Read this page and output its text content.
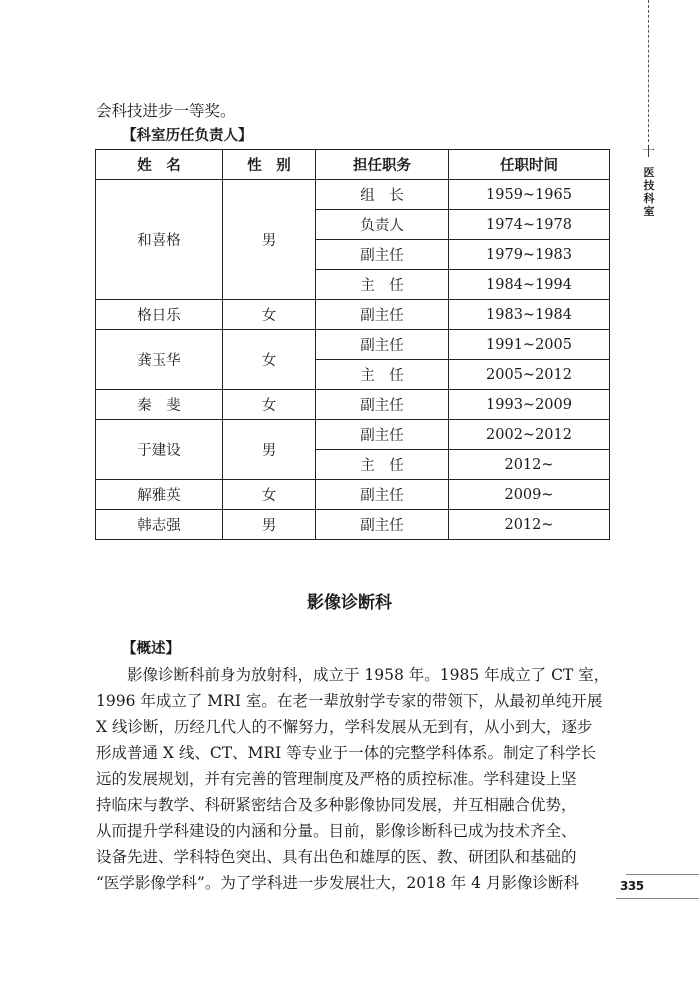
十
医
技
科
室
会科技进步一等奖。
【科室历任负责人】
姓　名	性　别	担任职务	任职时间
和喜格	男	组　长	1959~1965
		负责人	1974~1978
		副主任	1979~1983
		主　任	1984~1994
格日乐	女	副主任	1983~1984
龚玉华	女	副主任	1991~2005
		主　任	2005~2012
秦　斐	女	副主任	1993~2009
于建设	男	副主任	2002~2012
		主　任	2012~
解雅英	女	副主任	2009~
韩志强	男	副主任	2012~
影像诊断科
【概述】
　　影像诊断科前身为放射科，成立于 1958 年。1985 年成立了 CT 室，
1996 年成立了 MRI 室。在老一辈放射学专家的带领下，从最初单纯开展
X 线诊断，历经几代人的不懈努力，学科发展从无到有，从小到大，逐步
形成普通 X 线、CT、MRI 等专业于一体的完整学科体系。制定了科学长
远的发展规划，并有完善的管理制度及严格的质控标准。学科建设上坚
持临床与教学、科研紧密结合及多种影像协同发展，并互相融合优势，
从而提升学科建设的内涵和分量。目前，影像诊断科已成为技术齐全、
设备先进、学科特色突出、具有出色和雄厚的医、教、研团队和基础的
“医学影像学科”。为了学科进一步发展壮大，2018 年 4 月影像诊断科	335
